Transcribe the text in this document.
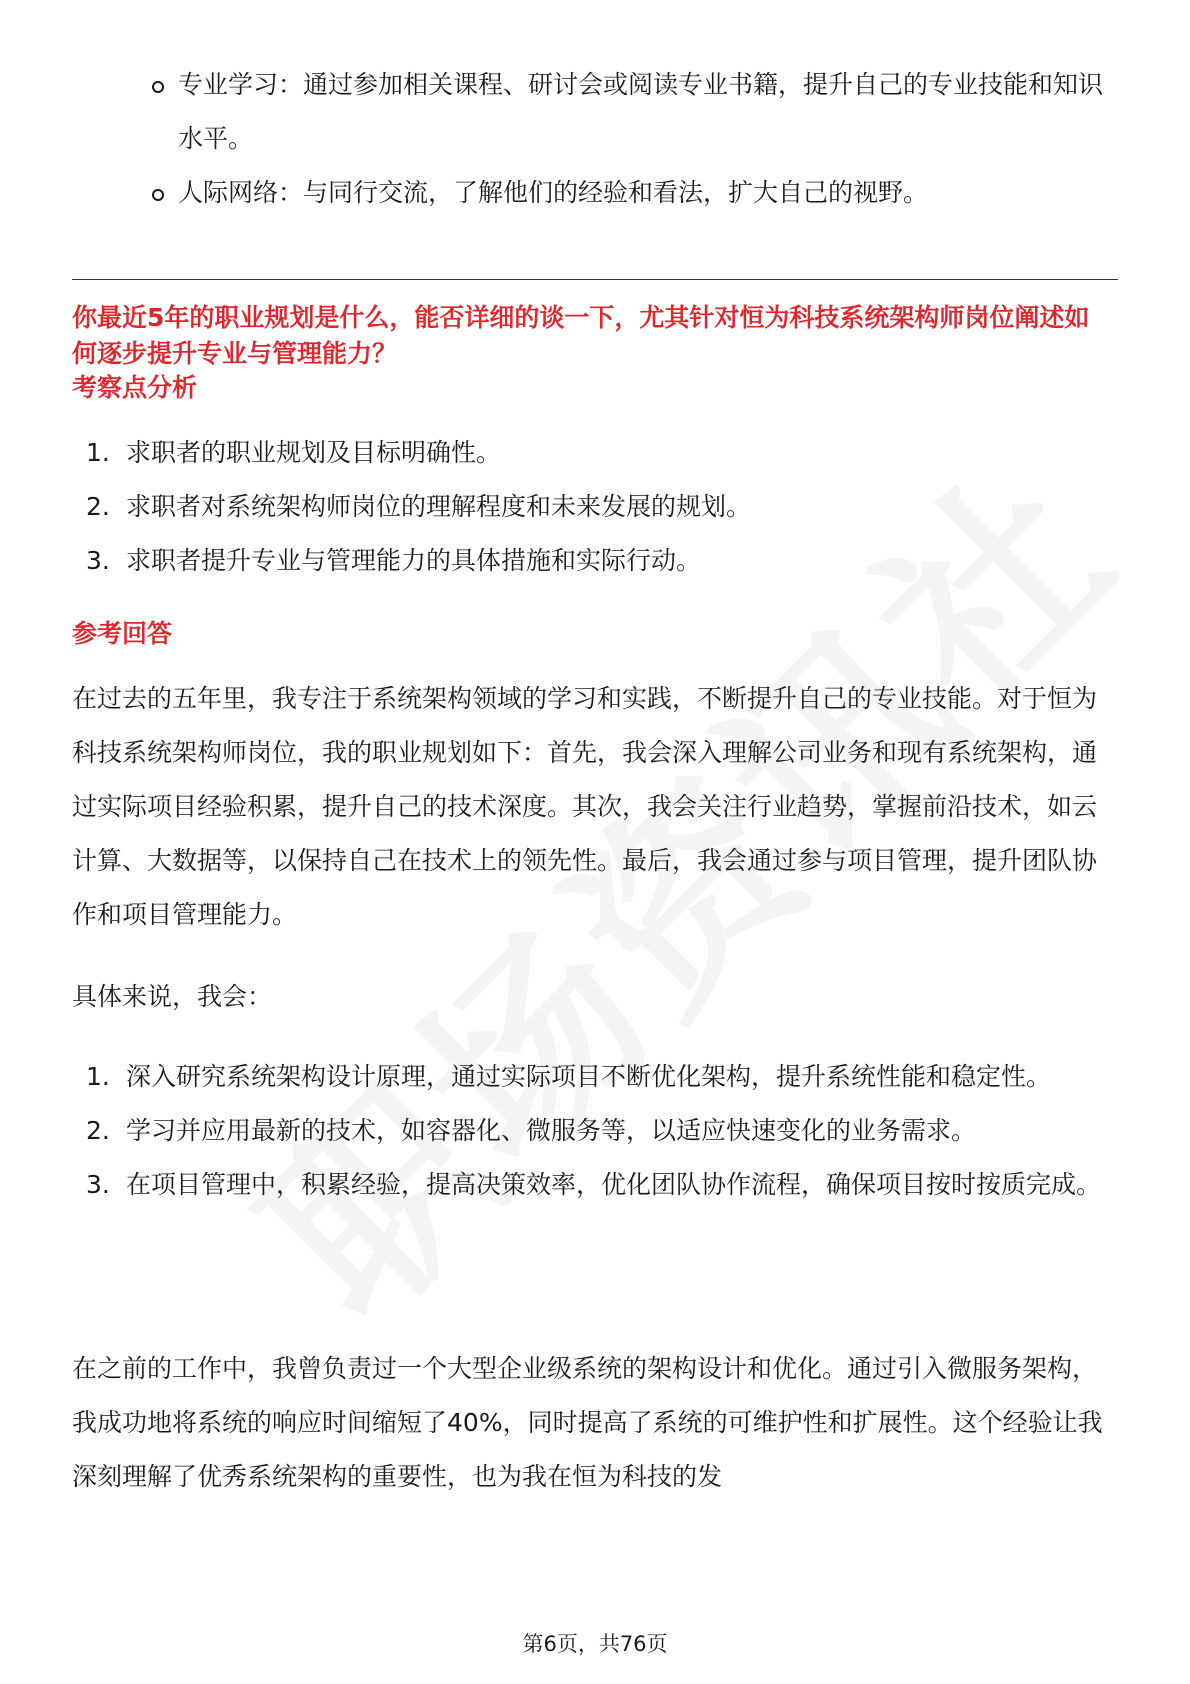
专业学习：通过参加相关课程、研讨会或阅读专业书籍，提升自己的专业技能和知识水平。
人际网络：与同行交流，了解他们的经验和看法，扩大自己的视野。
你最近5年的职业规划是什么，能否详细的谈一下，尤其针对恒为科技系统架构师岗位阐述如何逐步提升专业与管理能力？
考察点分析
1. 求职者的职业规划及目标明确性。
2. 求职者对系统架构师岗位的理解程度和未来发展的规划。
3. 求职者提升专业与管理能力的具体措施和实际行动。
参考回答
在过去的五年里，我专注于系统架构领域的学习和实践，不断提升自己的专业技能。对于恒为科技系统架构师岗位，我的职业规划如下：首先，我会深入理解公司业务和现有系统架构，通过实际项目经验积累，提升自己的技术深度。其次，我会关注行业趋势，掌握前沿技术，如云计算、大数据等，以保持自己在技术上的领先性。最后，我会通过参与项目管理，提升团队协作和项目管理能力。
具体来说，我会：
1. 深入研究系统架构设计原理，通过实际项目不断优化架构，提升系统性能和稳定性。
2. 学习并应用最新的技术，如容器化、微服务等，以适应快速变化的业务需求。
3. 在项目管理中，积累经验，提高决策效率，优化团队协作流程，确保项目按时按质完成。
在之前的工作中，我曾负责过一个大型企业级系统的架构设计和优化。通过引入微服务架构，我成功地将系统的响应时间缩短了40%，同时提高了系统的可维护性和扩展性。这个经验让我深刻理解了优秀系统架构的重要性，也为我在恒为科技的发
第6页，共76页
